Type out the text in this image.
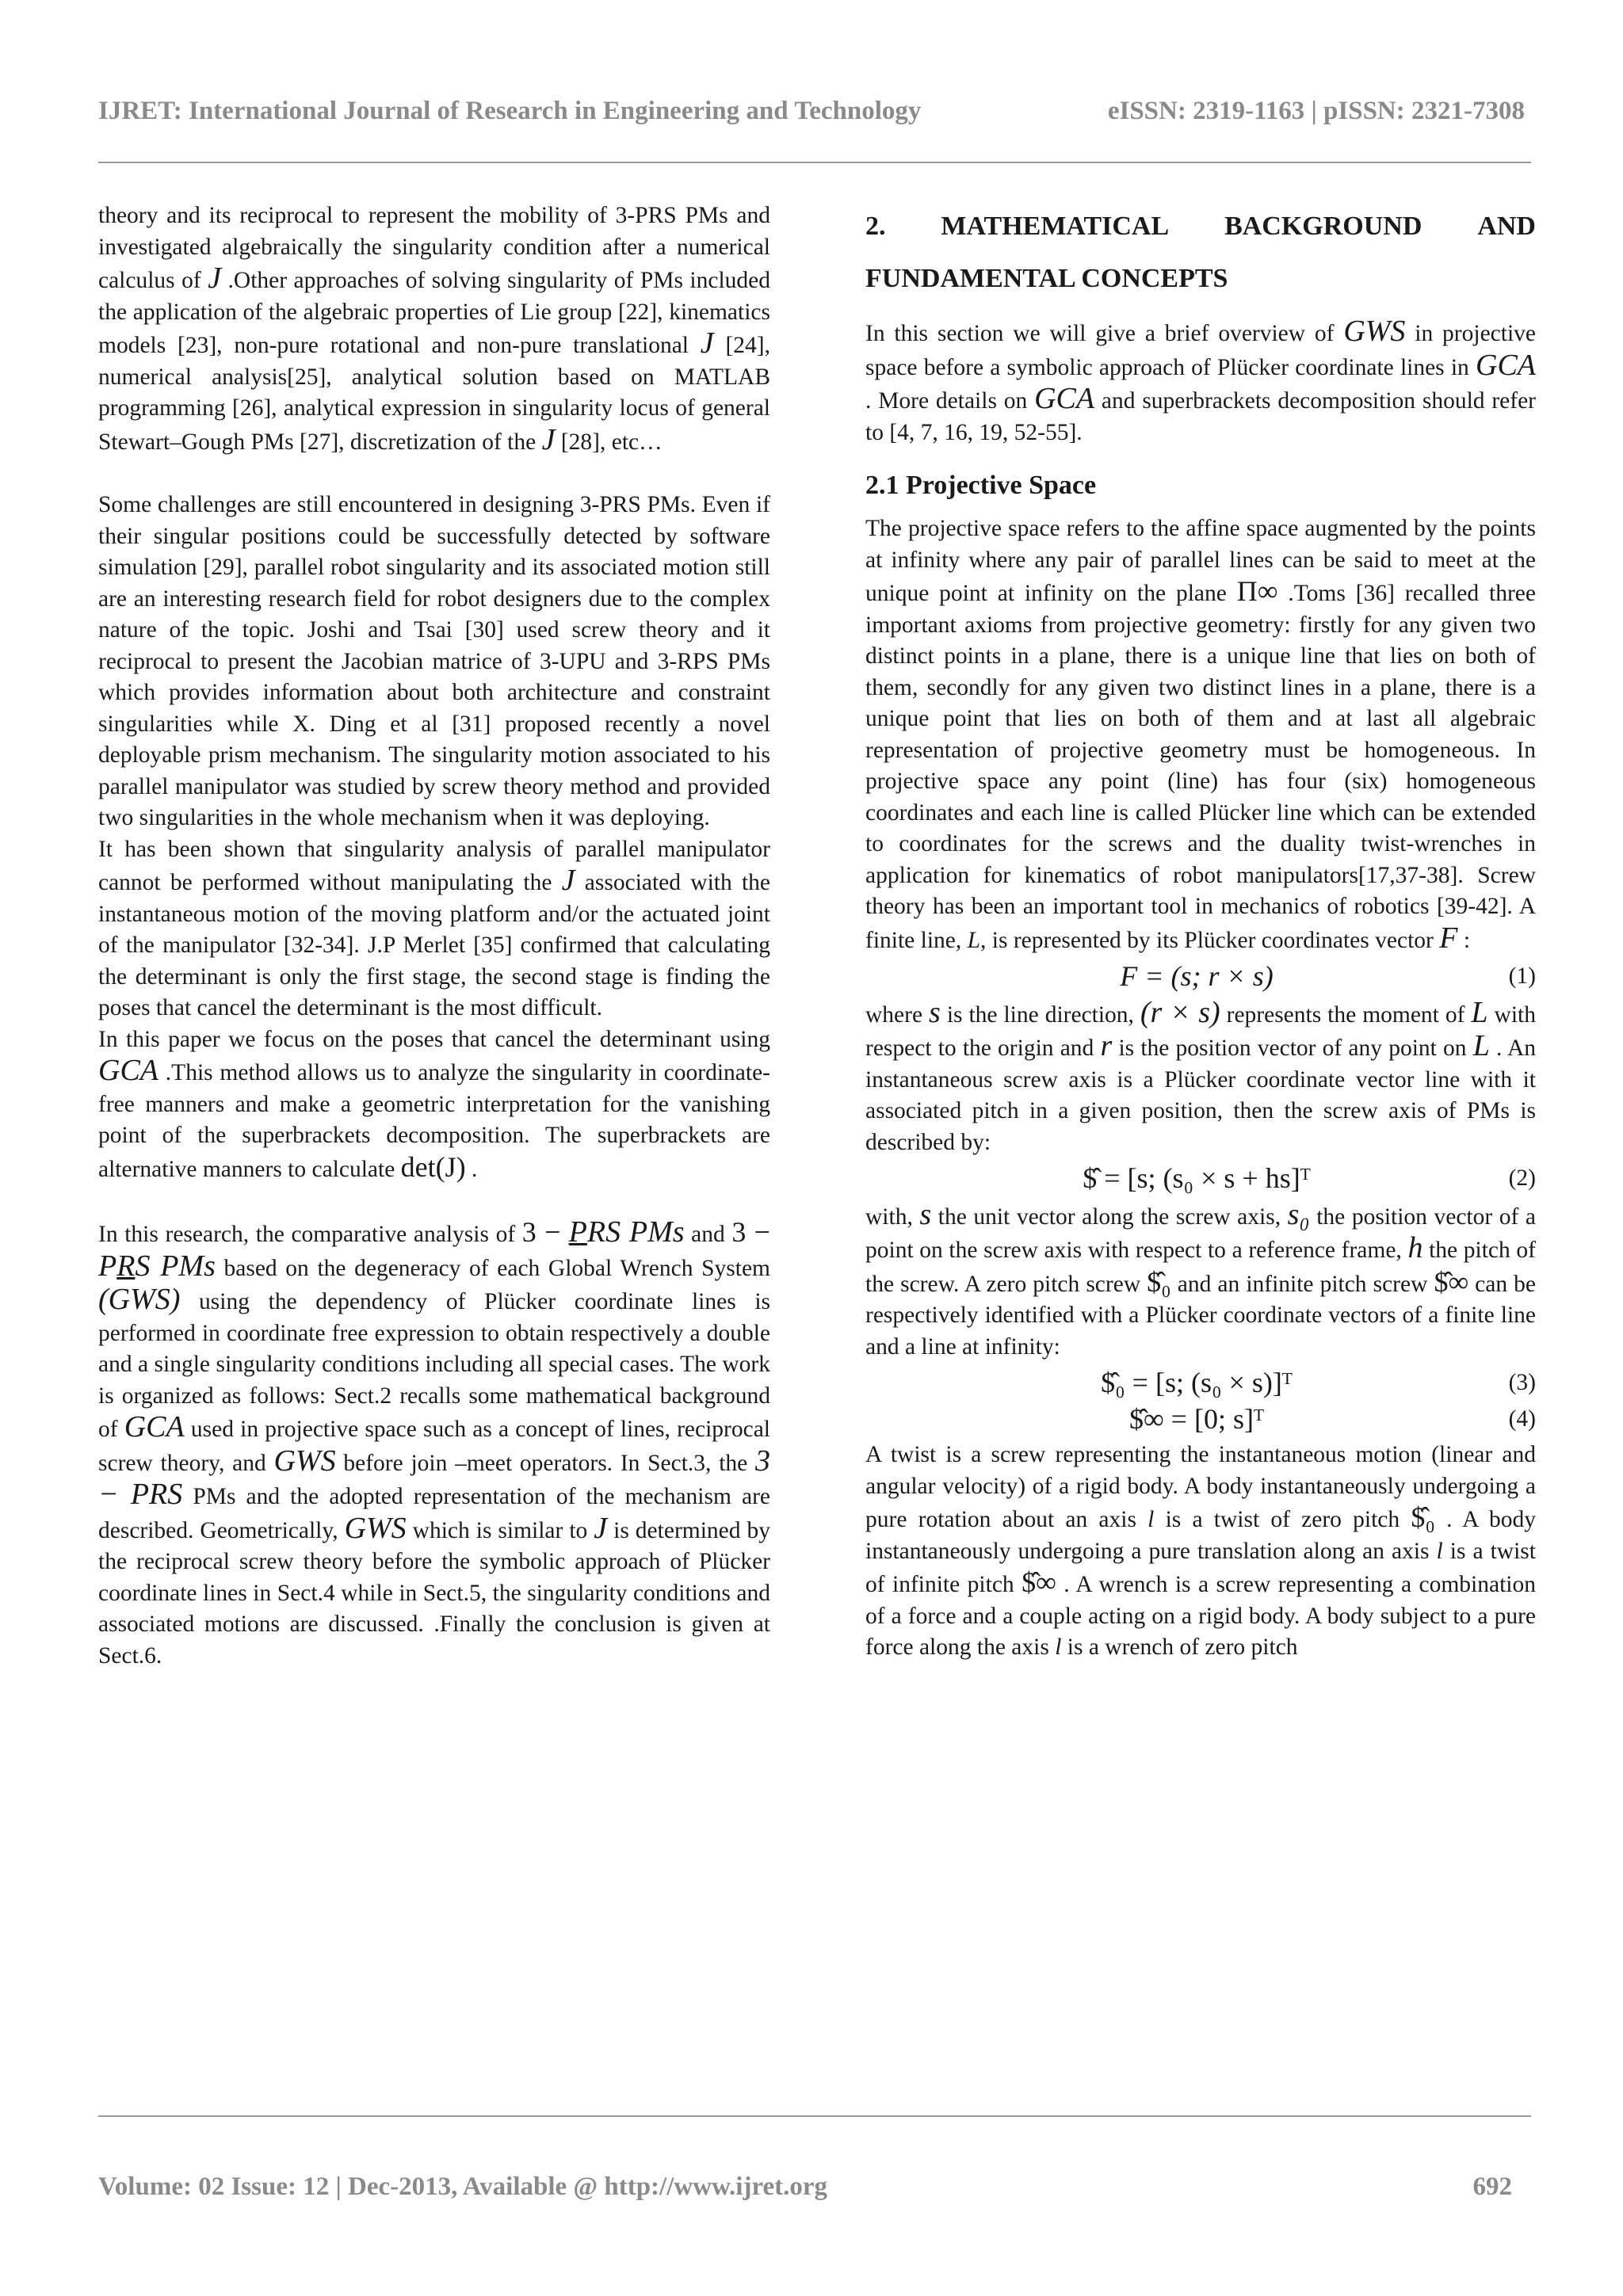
IJRET: International Journal of Research in Engineering and Technology	eISSN: 2319-1163 | pISSN: 2321-7308

theory and its reciprocal to represent the mobility of 3-PRS PMs and investigated algebraically the singularity condition after a numerical calculus of J .Other approaches of solving singularity of PMs included the application of the algebraic properties of Lie group [22], kinematics models [23], non-pure rotational and non-pure translational J [24], numerical analysis[25], analytical solution based on MATLAB programming [26], analytical expression in singularity locus of general Stewart–Gough PMs [27], discretization of the J [28], etc…

Some challenges are still encountered in designing 3-PRS PMs. Even if their singular positions could be successfully detected by software simulation [29], parallel robot singularity and its associated motion still are an interesting research field for robot designers due to the complex nature of the topic. Joshi and Tsai [30] used screw theory and it reciprocal to present the Jacobian matrice of 3-UPU and 3-RPS PMs which provides information about both architecture and constraint singularities while X. Ding et al [31] proposed recently a novel deployable prism mechanism. The singularity motion associated to his parallel manipulator was studied by screw theory method and provided two singularities in the whole mechanism when it was deploying.

It has been shown that singularity analysis of parallel manipulator cannot be performed without manipulating the J associated with the instantaneous motion of the moving platform and/or the actuated joint of the manipulator [32-34]. J.P Merlet [35] confirmed that calculating the determinant is only the first stage, the second stage is finding the poses that cancel the determinant is the most difficult.

In this paper we focus on the poses that cancel the determinant using GCA .This method allows us to analyze the singularity in coordinate-free manners and make a geometric interpretation for the vanishing point of the superbrackets decomposition. The superbrackets are alternative manners to calculate det(J) .

In this research, the comparative analysis of 3 − PRS PMs and 3 − PRS PMs based on the degeneracy of each Global Wrench System (GWS) using the dependency of Plücker coordinate lines is performed in coordinate free expression to obtain respectively a double and a single singularity conditions including all special cases. The work is organized as follows: Sect.2 recalls some mathematical background of GCA used in projective space such as a concept of lines, reciprocal screw theory, and GWS before join –meet operators. In Sect.3, the 3 − PRS PMs and the adopted representation of the mechanism are described. Geometrically, GWS which is similar to J is determined by the reciprocal screw theory before the symbolic approach of Plücker coordinate lines in Sect.4 while in Sect.5, the singularity conditions and associated motions are discussed. .Finally the conclusion is given at Sect.6.

2. MATHEMATICAL BACKGROUND AND
FUNDAMENTAL CONCEPTS

In this section we will give a brief overview of GWS in projective space before a symbolic approach of Plücker coordinate lines in GCA . More details on GCA and superbrackets decomposition should refer to [4, 7, 16, 19, 52-55].

2.1 Projective Space

The projective space refers to the affine space augmented by the points at infinity where any pair of parallel lines can be said to meet at the unique point at infinity on the plane Π∞ .Toms [36] recalled three important axioms from projective geometry: firstly for any given two distinct points in a plane, there is a unique line that lies on both of them, secondly for any given two distinct lines in a plane, there is a unique point that lies on both of them and at last all algebraic representation of projective geometry must be homogeneous. In projective space any point (line) has four (six) homogeneous coordinates and each line is called Plücker line which can be extended to coordinates for the screws and the duality twist-wrenches in application for kinematics of robot manipulators[17,37-38]. Screw theory has been an important tool in mechanics of robotics [39-42]. A finite line, L, is represented by its Plücker coordinates vector F :

F = (s; r × s)	(1)

where s is the line direction, (r × s) represents the moment of L with respect to the origin and r is the position vector of any point on L . An instantaneous screw axis is a Plücker coordinate vector line with it associated pitch in a given position, then the screw axis of PMs is described by:

$̂ = [s; (s₀ × s + hs]ᵀ	(2)

with, s the unit vector along the screw axis, s₀ the position vector of a point on the screw axis with respect to a reference frame, h the pitch of the screw. A zero pitch screw $̂₀ and an infinite pitch screw $̂∞ can be respectively identified with a Plücker coordinate vectors of a finite line and a line at infinity:

$̂₀ = [s; (s₀ × s)]ᵀ	(3)
$̂∞ = [0; s]ᵀ	(4)

A twist is a screw representing the instantaneous motion (linear and angular velocity) of a rigid body. A body instantaneously undergoing a pure rotation about an axis l is a twist of zero pitch $̂₀ . A body instantaneously undergoing a pure translation along an axis l is a twist of infinite pitch $̂∞ . A wrench is a screw representing a combination of a force and a couple acting on a rigid body. A body subject to a pure force along the axis l is a wrench of zero pitch

Volume: 02 Issue: 12 | Dec-2013, Available @ http://www.ijret.org	692
